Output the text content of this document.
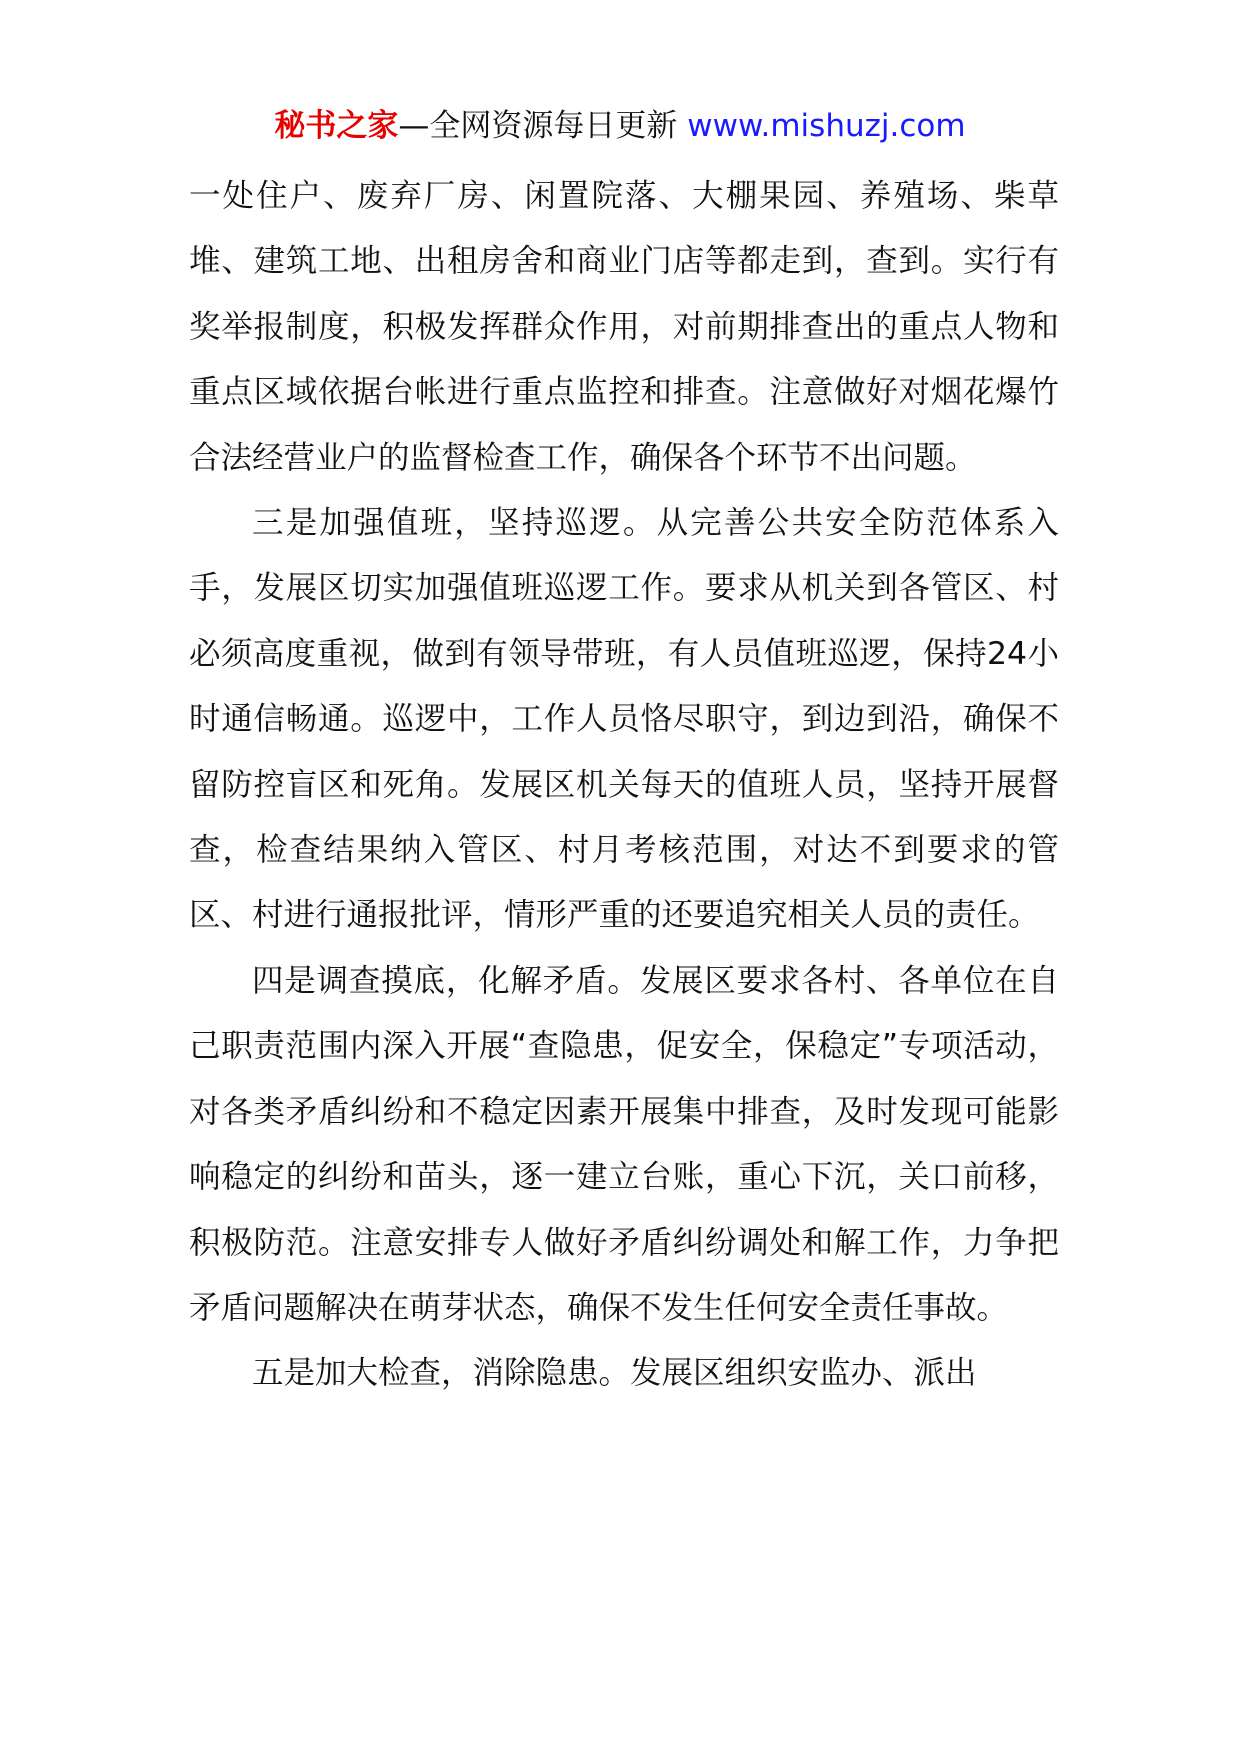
秘书之家—全网资源每日更新 www.mishuzj.com

一处住户、废弃厂房、闲置院落、大棚果园、养殖场、柴草堆、建筑工地、出租房舍和商业门店等都走到，查到。实行有奖举报制度，积极发挥群众作用，对前期排查出的重点人物和重点区域依据台帐进行重点监控和排查。注意做好对烟花爆竹合法经营业户的监督检查工作，确保各个环节不出问题。

三是加强值班，坚持巡逻。从完善公共安全防范体系入手，发展区切实加强值班巡逻工作。要求从机关到各管区、村必须高度重视，做到有领导带班，有人员值班巡逻，保持24小时通信畅通。巡逻中，工作人员恪尽职守，到边到沿，确保不留防控盲区和死角。发展区机关每天的值班人员，坚持开展督查，检查结果纳入管区、村月考核范围，对达不到要求的管区、村进行通报批评，情形严重的还要追究相关人员的责任。

四是调查摸底，化解矛盾。发展区要求各村、各单位在自己职责范围内深入开展“查隐患，促安全，保稳定”专项活动，对各类矛盾纠纷和不稳定因素开展集中排查，及时发现可能影响稳定的纠纷和苗头，逐一建立台账，重心下沉，关口前移，积极防范。注意安排专人做好矛盾纠纷调处和解工作，力争把矛盾问题解决在萌芽状态，确保不发生任何安全责任事故。

五是加大检查，消除隐患。发展区组织安监办、派出
